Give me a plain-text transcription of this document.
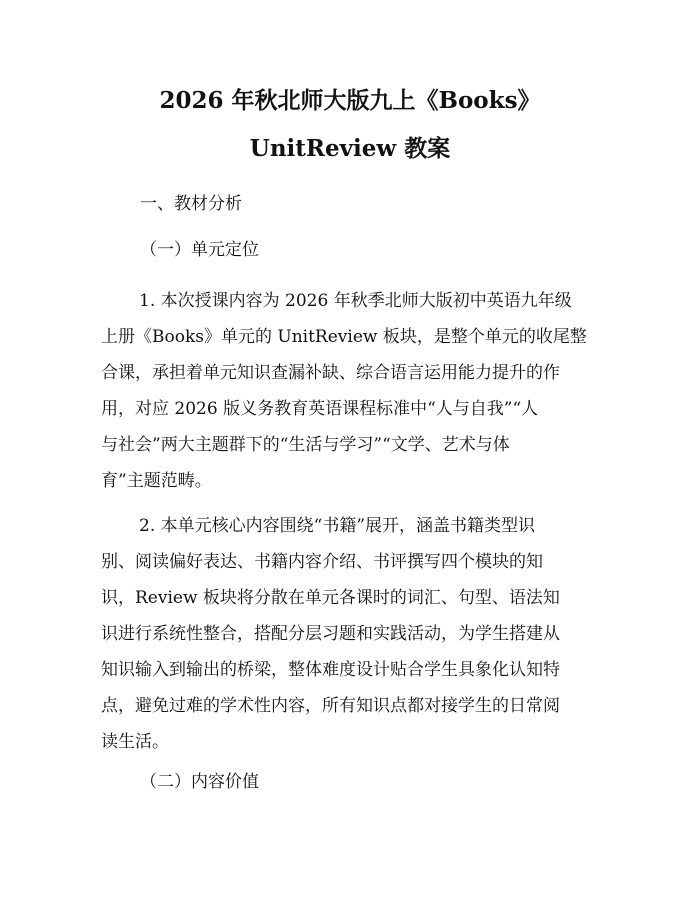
2026 年秋北师大版九上《Books》
UnitReview 教案
一、教材分析
（一）单元定位
1. 本次授课内容为 2026 年秋季北师大版初中英语九年级
上册《Books》单元的 UnitReview 板块，是整个单元的收尾整
合课，承担着单元知识查漏补缺、综合语言运用能力提升的作
用，对应 2026 版义务教育英语课程标准中“人与自我”“人
与社会”两大主题群下的“生活与学习”“文学、艺术与体
育”主题范畴。
2. 本单元核心内容围绕“书籍”展开，涵盖书籍类型识
别、阅读偏好表达、书籍内容介绍、书评撰写四个模块的知
识，Review 板块将分散在单元各课时的词汇、句型、语法知
识进行系统性整合，搭配分层习题和实践活动，为学生搭建从
知识输入到输出的桥梁，整体难度设计贴合学生具象化认知特
点，避免过难的学术性内容，所有知识点都对接学生的日常阅
读生活。
（二）内容价值
